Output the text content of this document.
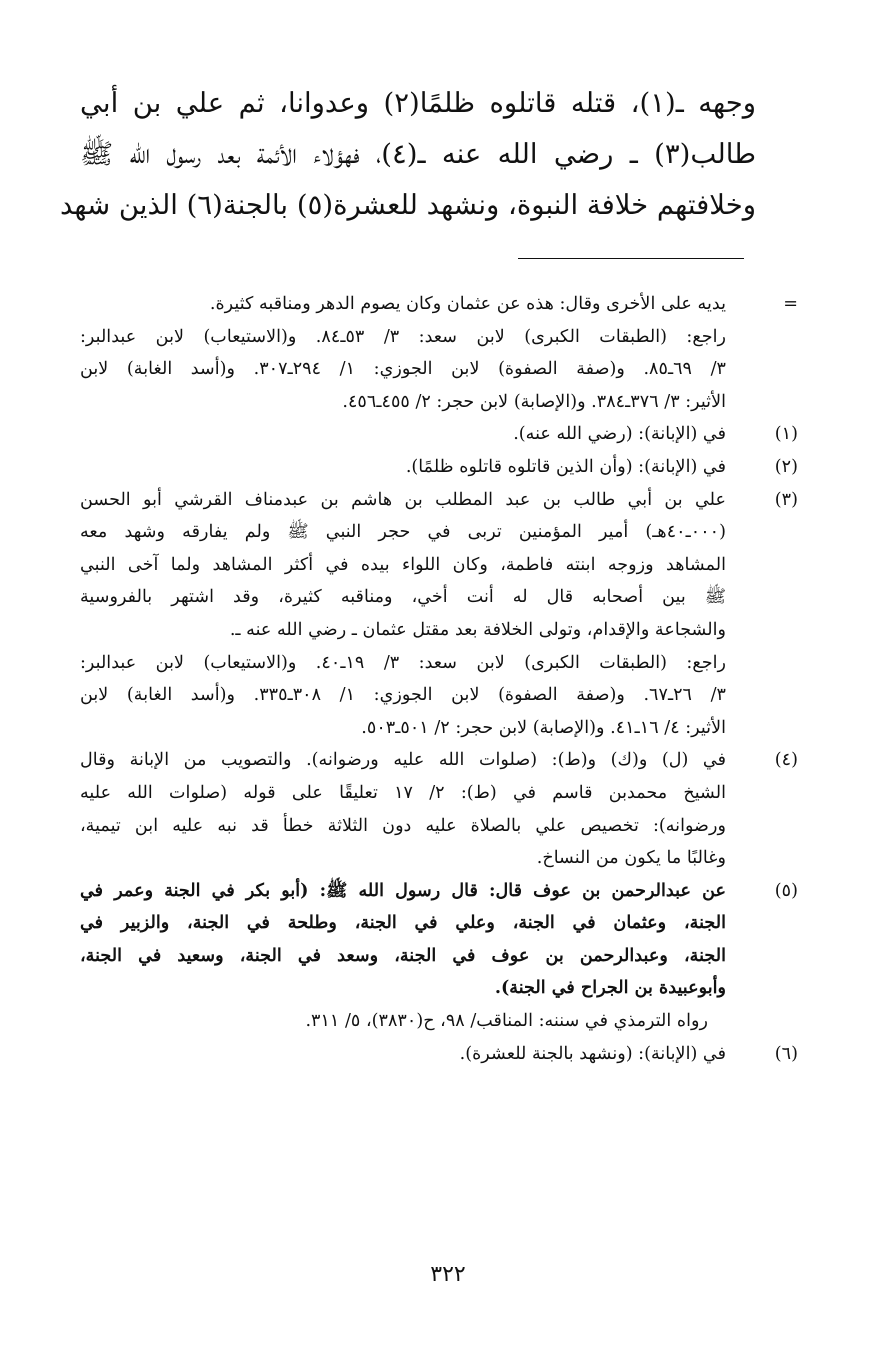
وجهه ـ(١)، قتله قاتلوه ظلمًا(٢) وعدوانا، ثم علي بن أبي
طالب(٣) ـ رضي الله عنه ـ(٤)، فهؤلاء الأئمة بعد رسول الله ﷺ
وخلافتهم خلافة النبوة، ونشهد للعشرة(٥) بالجنة(٦) الذين شهد
=
يديه على الأخرى وقال: هذه عن عثمان وكان يصوم الدهر ومناقبه كثيرة.
راجع: (الطبقات الكبرى) لابن سعد: ٣/ ٥٣ـ٨٤. و(الاستيعاب) لابن عبدالبر:
٣/ ٦٩ـ٨٥. و(صفة الصفوة) لابن الجوزي: ١/ ٢٩٤ـ٣٠٧. و(أسد الغابة) لابن
الأثير: ٣/ ٣٧٦ـ٣٨٤. و(الإصابة) لابن حجر: ٢/ ٤٥٥ـ٤٥٦.
(١)
في (الإبانة): (رضي الله عنه).
(٢)
في (الإبانة): (وأن الذين قاتلوه قاتلوه ظلمًا).
(٣)
علي بن أبي طالب بن عبد المطلب بن هاشم بن عبدمناف القرشي أبو الحسن
(٠٠٠ـ٤٠هـ) أمير المؤمنين تربى في حجر النبي ﷺ ولم يفارقه وشهد معه
المشاهد وزوجه ابنته فاطمة، وكان اللواء بيده في أكثر المشاهد ولما آخى النبي
ﷺ بين أصحابه قال له أنت أخي، ومناقبه كثيرة، وقد اشتهر بالفروسية
والشجاعة والإقدام، وتولى الخلافة بعد مقتل عثمان ـ رضي الله عنه ـ.
راجع: (الطبقات الكبرى) لابن سعد: ٣/ ١٩ـ٤٠. و(الاستيعاب) لابن عبدالبر:
٣/ ٢٦ـ٦٧. و(صفة الصفوة) لابن الجوزي: ١/ ٣٠٨ـ٣٣٥. و(أسد الغابة) لابن
الأثير: ٤/ ١٦ـ٤١. و(الإصابة) لابن حجر: ٢/ ٥٠١ـ٥٠٣.
(٤)
في (ل) و(ك) و(ط): (صلوات الله عليه ورضوانه). والتصويب من الإبانة وقال
الشيخ محمدبن قاسم في (ط): ٢/ ١٧ تعليقًا على قوله (صلوات الله عليه
ورضوانه): تخصيص علي بالصلاة عليه دون الثلاثة خطأ قد نبه عليه ابن تيمية،
وغالبًا ما يكون من النساخ.
(٥)
عن عبدالرحمن بن عوف قال: قال رسول الله ﷺ: (أبو بكر في الجنة وعمر في
الجنة، وعثمان في الجنة، وعلي في الجنة، وطلحة في الجنة، والزبير في
الجنة، وعبدالرحمن بن عوف في الجنة، وسعد في الجنة، وسعيد في الجنة،
وأبوعبيدة بن الجراح في الجنة).
رواه الترمذي في سننه: المناقب/ ٩٨، ح(٣٨٣٠)، ٥/ ٣١١.
(٦)
في (الإبانة): (ونشهد بالجنة للعشرة).
٣٢٢
